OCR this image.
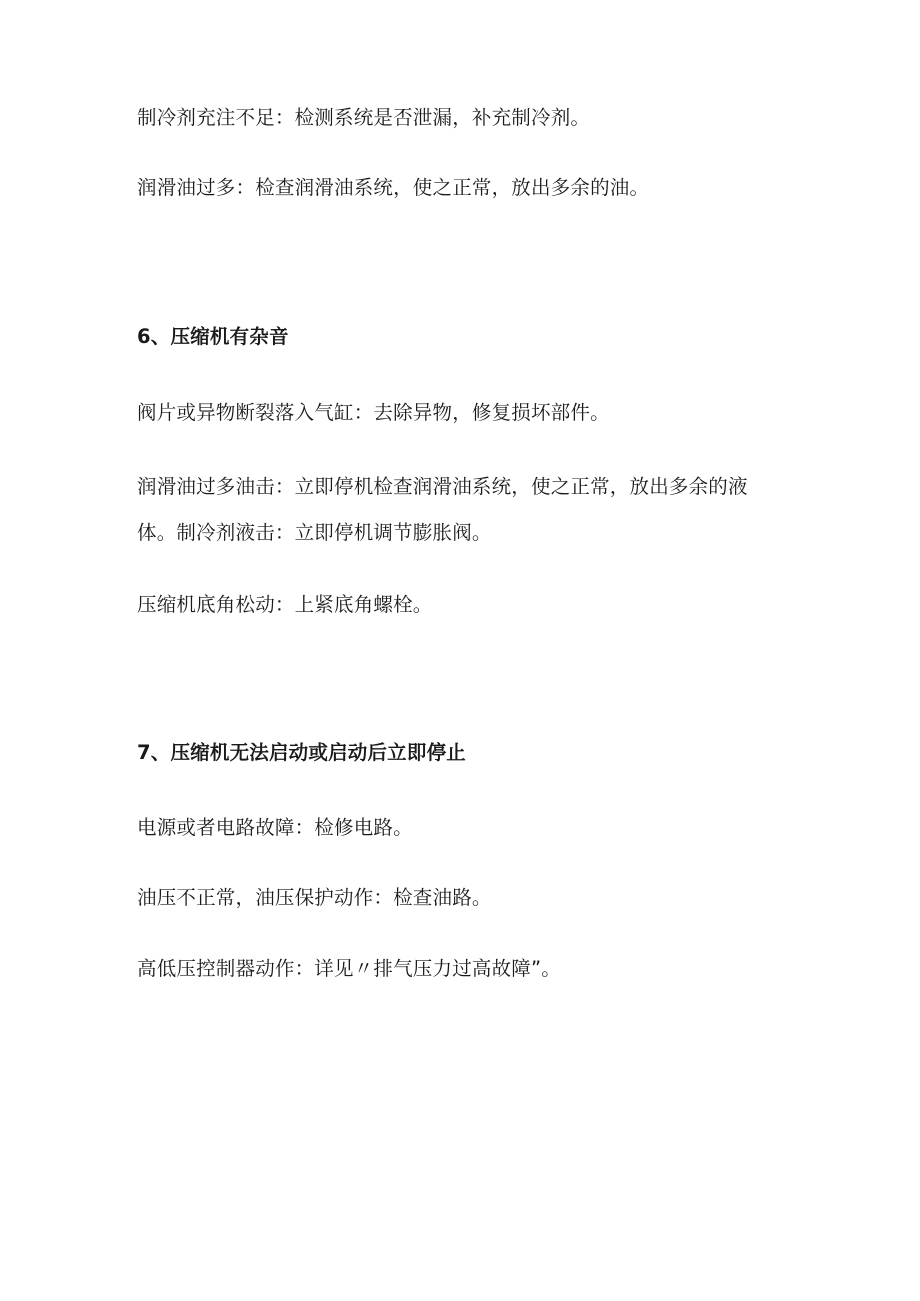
制冷剂充注不足：检测系统是否泄漏，补充制冷剂。
润滑油过多：检查润滑油系统，使之正常，放出多余的油。
6、压缩机有杂音
阀片或异物断裂落入气缸：去除异物，修复损坏部件。
润滑油过多油击：立即停机检查润滑油系统，使之正常，放出多余的液
体。制冷剂液击：立即停机调节膨胀阀。
压缩机底角松动：上紧底角螺栓。
7、压缩机无法启动或启动后立即停止
电源或者电路故障：检修电路。
油压不正常，油压保护动作：检查油路。
高低压控制器动作：详见〃排气压力过高故障”。
